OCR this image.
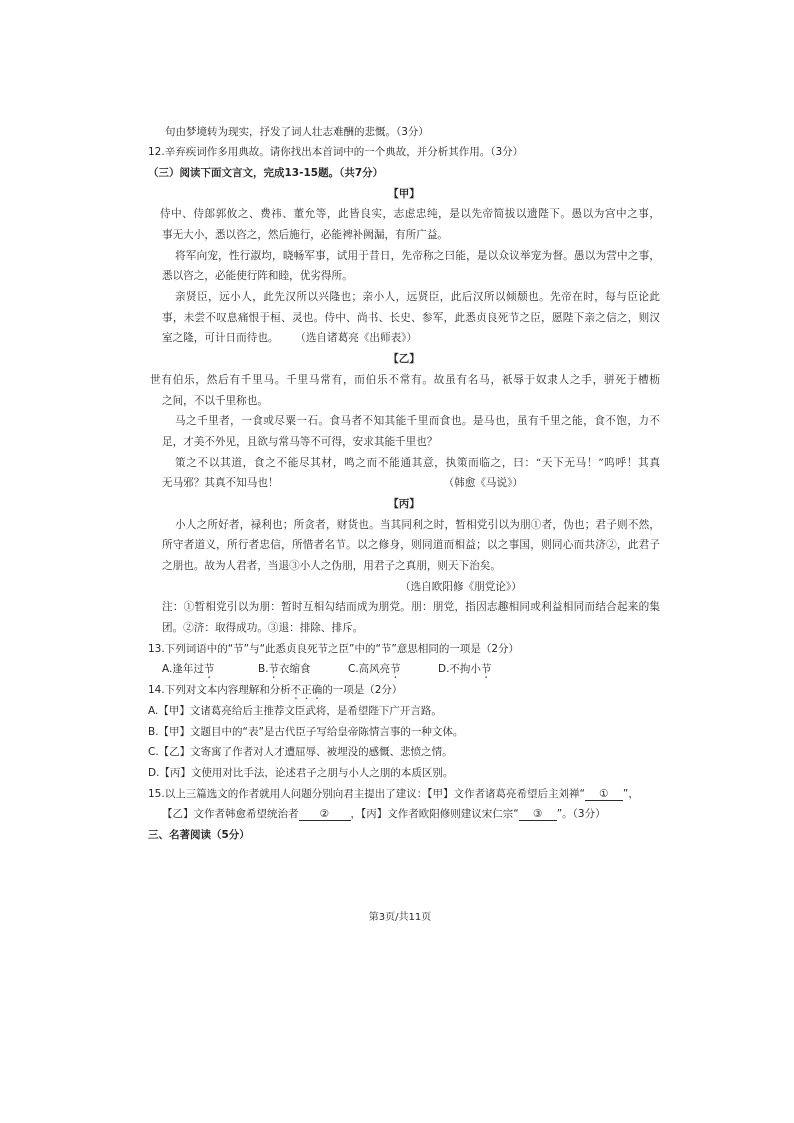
句由梦境转为现实，抒发了词人壮志难酬的悲慨。（3分）
12.辛弃疾词作多用典故。请你找出本首词中的一个典故，并分析其作用。（3分）
（三）阅读下面文言文，完成13-15题。（共7分）
【甲】
侍中、侍郎郭攸之、费祎、董允等，此皆良实，志虑忠纯，是以先帝简拔以遗陛下。愚以为宫中之事，
事无大小，悉以咨之，然后施行，必能裨补阙漏，有所广益。
将军向宠，性行淑均，晓畅军事，试用于昔日，先帝称之曰能，是以众议举宠为督。愚以为营中之事，
悉以咨之，必能使行阵和睦，优劣得所。
亲贤臣，远小人，此先汉所以兴隆也；亲小人，远贤臣，此后汉所以倾颓也。先帝在时，每与臣论此
事，未尝不叹息痛恨于桓、灵也。侍中、尚书、长史、参军，此悉贞良死节之臣，愿陛下亲之信之，则汉
室之隆，可计日而待也。 （选自诸葛亮《出师表》）
【乙】
世有伯乐，然后有千里马。千里马常有，而伯乐不常有。故虽有名马，祇辱于奴隶人之手，骈死于槽枥
之间，不以千里称也。
马之千里者，一食或尽粟一石。食马者不知其能千里而食也。是马也，虽有千里之能，食不饱，力不
足，才美不外见，且欲与常马等不可得，安求其能千里也？
策之不以其道，食之不能尽其材，鸣之而不能通其意，执策而临之，曰：“天下无马！”呜呼！其真
无马邪？其真不知马也！	（韩愈《马说》）
【丙】
小人之所好者，禄利也；所贪者，财货也。当其同利之时，暂相党引以为朋①者，伪也；君子则不然，
所守者道义，所行者忠信，所惜者名节。以之修身，则同道而相益；以之事国，则同心而共济②，此君子
之朋也。故为人君者，当退③小人之伪朋，用君子之真朋，则天下治矣。
（选自欧阳修《朋党论》）
注：①暂相党引以为朋：暂时互相勾结而成为朋党。朋：朋党，指因志趣相同或利益相同而结合起来的集
团。②济：取得成功。③退：排除、排斥。
13.下列词语中的“节”与“此悉贞良死节之臣”中的“节”意思相同的一项是（2分）
A.逢年过节	B.节衣缩食	C.高风亮节	D.不拘小节
14.下列对文本内容理解和分析不正确的一项是（2分）
A.【甲】文诸葛亮给后主推荐文臣武将，是希望陛下广开言路。
B.【甲】文题目中的“表”是古代臣子写给皇帝陈情言事的一种文体。
C.【乙】文寄寓了作者对人才遭屈辱、被埋没的感慨、悲愤之情。
D.【丙】文使用对比手法，论述君子之朋与小人之朋的本质区别。
15.以上三篇选文的作者就用人问题分别向君主提出了建议：【甲】文作者诸葛亮希望后主刘禅“ ① ”，
【乙】文作者韩愈希望统治者 ② ，【丙】文作者欧阳修则建议宋仁宗“ ③ ”。（3分）
三、名著阅读（5分）
第3页/共11页
